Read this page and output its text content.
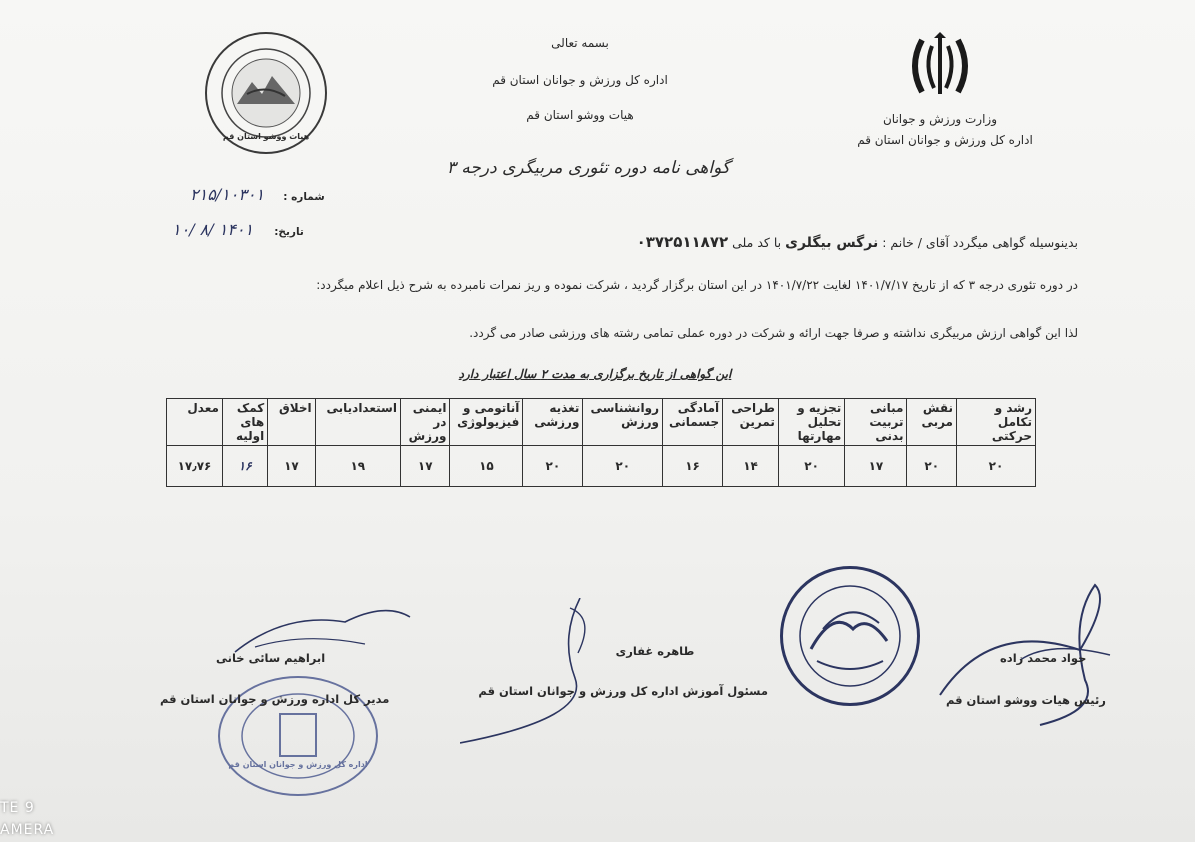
هیات ووشو استان قم
بسمه تعالی
اداره کل ورزش و جوانان استان قم
هیات ووشو استان قم
گواهی نامه دوره تئوری مربیگری درجه ۳
وزارت ورزش و جوانان
اداره کل ورزش و جوانان استان قم
شماره : ۲۱۵/۱۰۳۰۱
تاریخ: ۱۴۰۱ /۸ /۱۰
بدینوسیله گواهی میگردد آقای / خانم : نرگس بیگلری با کد ملی ۰۳۷۲۵۱۱۸۷۲
در دوره تئوری درجه ۳ که از تاریخ ۱۴۰۱/۷/۱۷ لغایت ۱۴۰۱/۷/۲۲ در این استان برگزار گردید ، شرکت نموده و ریز نمرات نامبرده به شرح ذیل اعلام میگردد:
لذا این گواهی ارزش مربیگری نداشته و صرفا جهت ارائه و شرکت در دوره عملی تمامی رشته های ورزشی صادر می گردد.
این گواهی از تاریخ برگزاری به مدت ۲ سال اعتبار دارد
رشد و تکامل حرکتی	نقش مربی	مبانی تربیت بدنی	تجزیه و تحلیل مهارتها	طراحی تمرین	آمادگی جسمانی	روانشناسی ورزش	تغذیه ورزشی	آناتومی و فیزیولوژی	ایمنی در ورزش	استعدادیابی	اخلاق	کمک های اولیه	معدل
۲۰	۲۰	۱۷	۲۰	۱۴	۱۶	۲۰	۲۰	۱۵	۱۷	۱۹	۱۷	۱۶	۱۷٫۷۶
جواد محمد زاده
رئیس هیات ووشو استان قم
طاهره غفاری
مسئول آموزش اداره کل ورزش و جوانان استان قم
اداره کل ورزش و جوانان استان قم
ابراهیم سائی خانی
مدیر کل اداره ورزش و جوانان استان قم
TE 9
AMERA
